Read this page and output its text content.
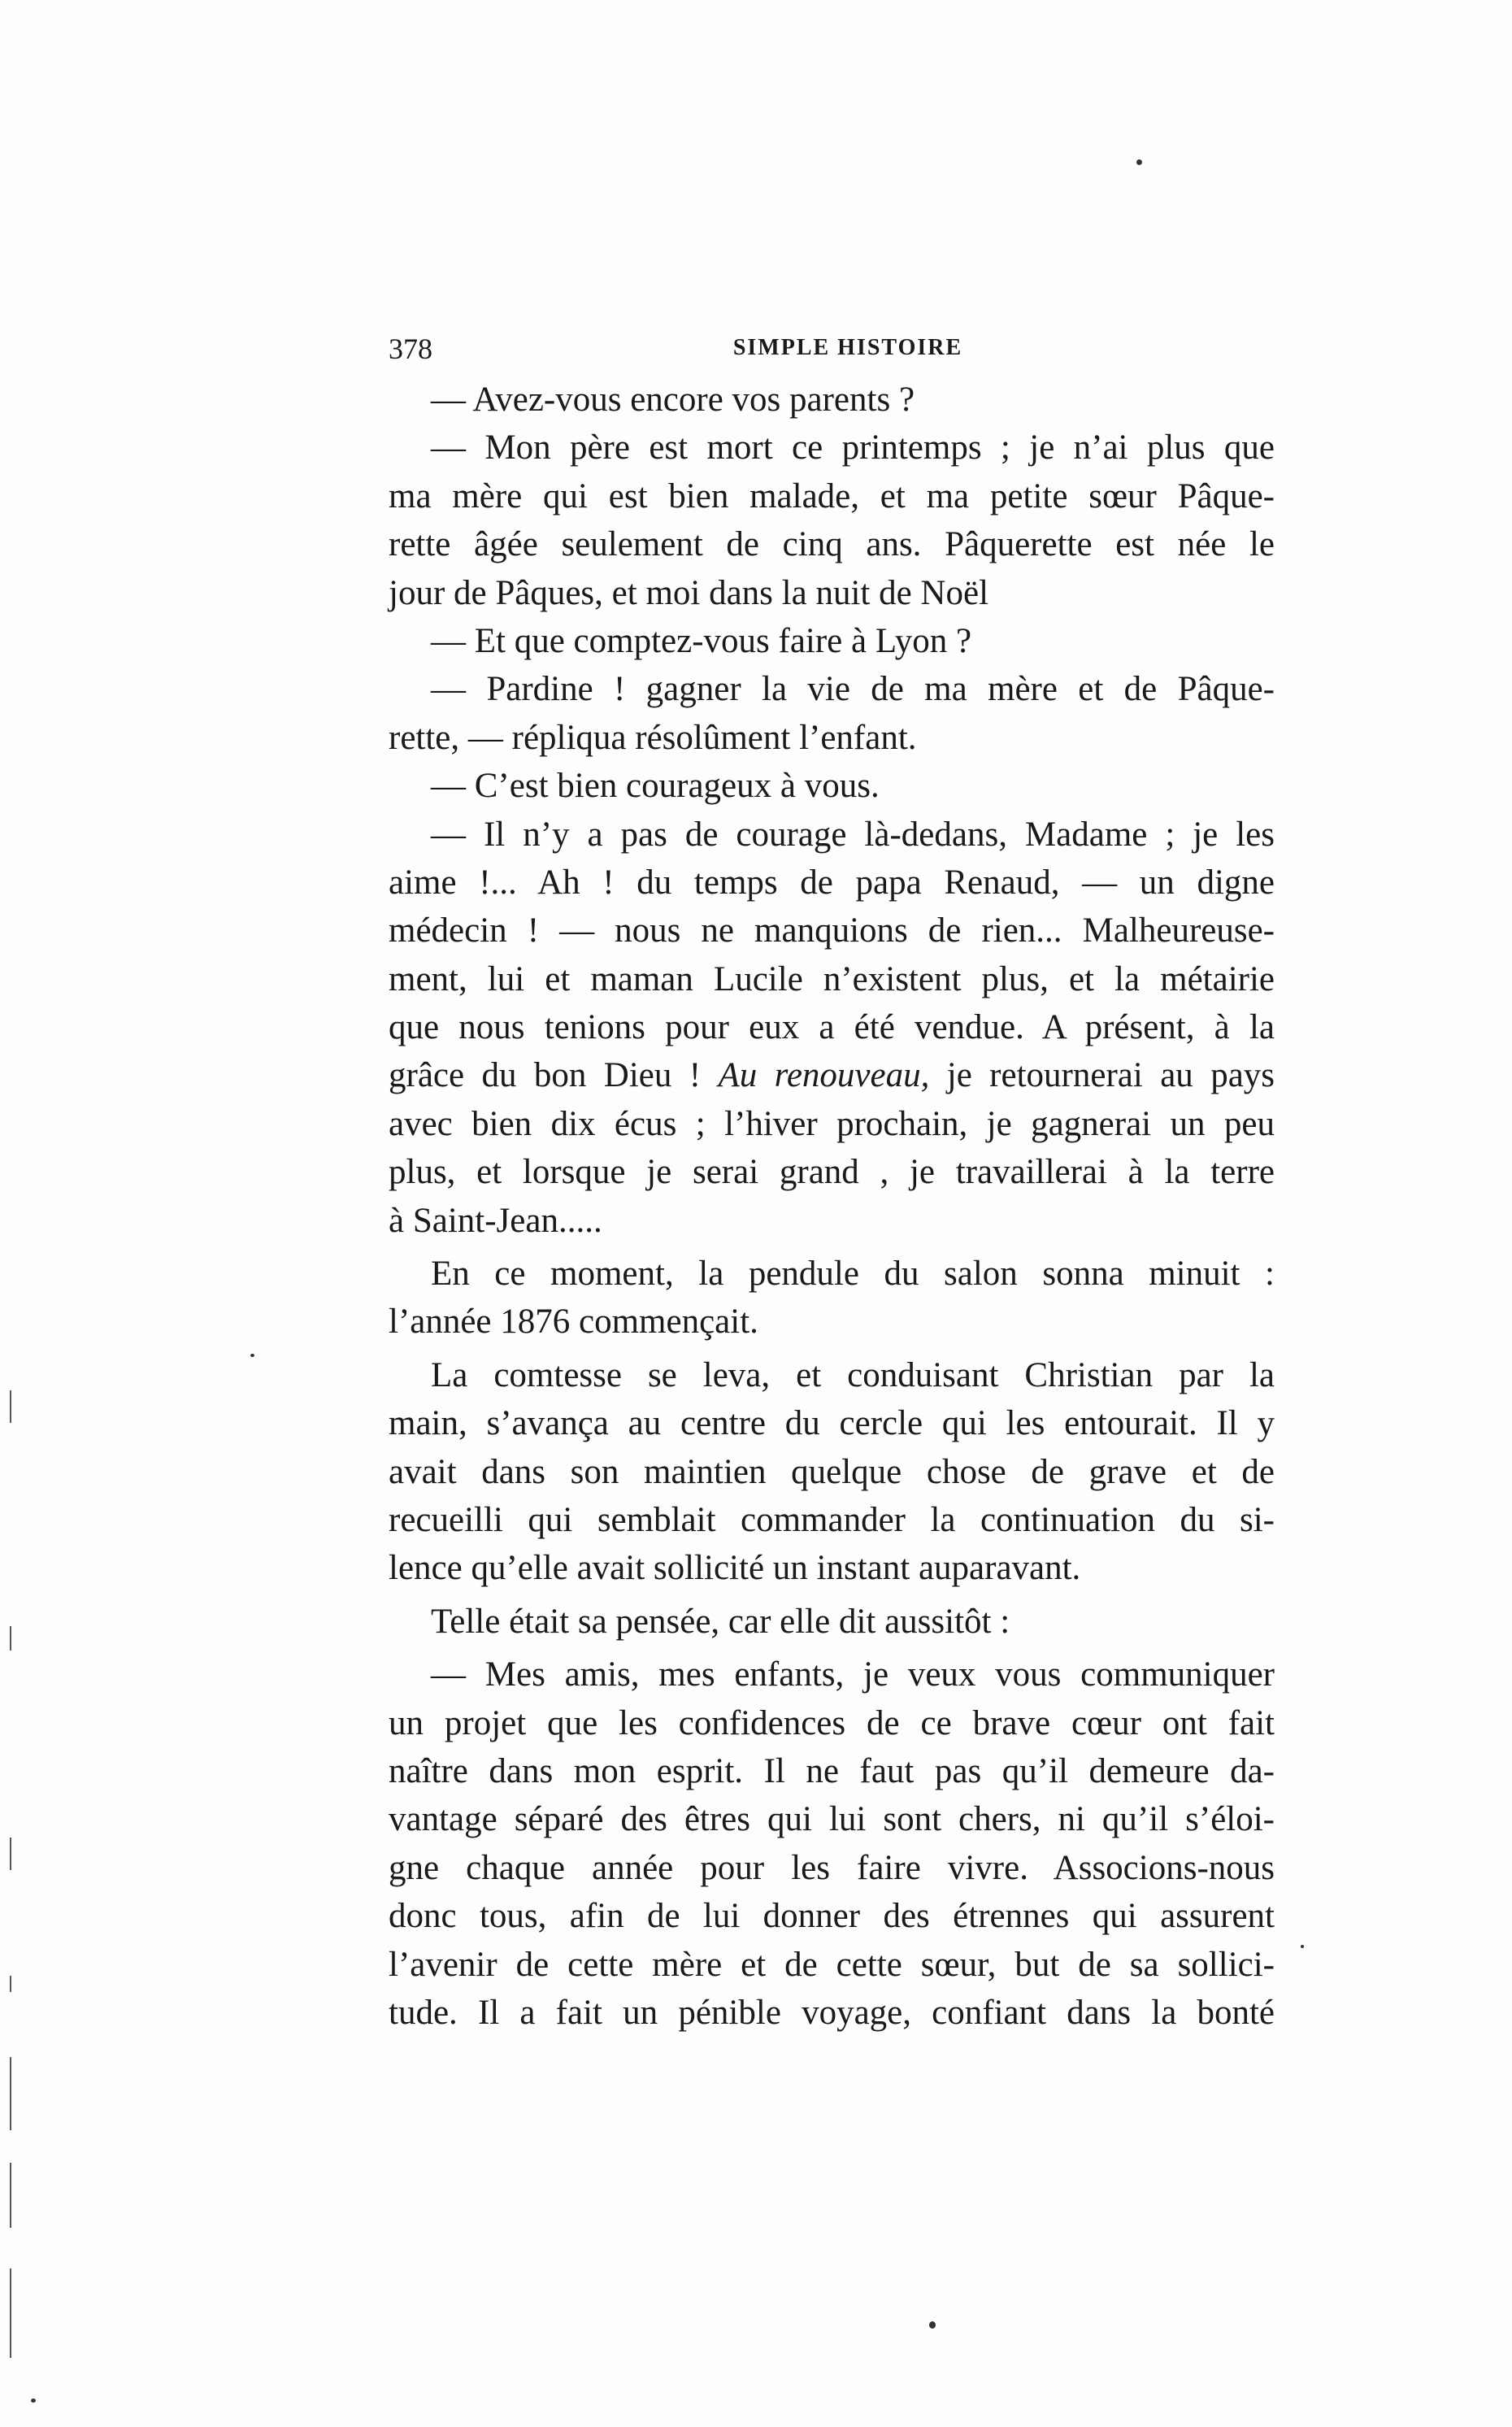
378	SIMPLE HISTOIRE
— Avez-vous encore vos parents ?
— Mon père est mort ce printemps ; je n’ai plus que
ma mère qui est bien malade, et ma petite sœur Pâque-
rette âgée seulement de cinq ans. Pâquerette est née le
jour de Pâques, et moi dans la nuit de Noël
— Et que comptez-vous faire à Lyon ?
— Pardine ! gagner la vie de ma mère et de Pâque-
rette, — répliqua résolûment l’enfant.
— C’est bien courageux à vous.
— Il n’y a pas de courage là-dedans, Madame ; je les
aime !... Ah ! du temps de papa Renaud, — un digne
médecin ! — nous ne manquions de rien... Malheureuse-
ment, lui et maman Lucile n’existent plus, et la métairie
que nous tenions pour eux a été vendue. A présent, à la
grâce du bon Dieu ! Au renouveau, je retournerai au pays
avec bien dix écus ; l’hiver prochain, je gagnerai un peu
plus, et lorsque je serai grand , je travaillerai à la terre
à Saint-Jean.....
En ce moment, la pendule du salon sonna minuit :
l’année 1876 commençait.
La comtesse se leva, et conduisant Christian par la
main, s’avança au centre du cercle qui les entourait. Il y
avait dans son maintien quelque chose de grave et de
recueilli qui semblait commander la continuation du si-
lence qu’elle avait sollicité un instant auparavant.
Telle était sa pensée, car elle dit aussitôt :
— Mes amis, mes enfants, je veux vous communiquer
un projet que les confidences de ce brave cœur ont fait
naître dans mon esprit. Il ne faut pas qu’il demeure da-
vantage séparé des êtres qui lui sont chers, ni qu’il s’éloi-
gne chaque année pour les faire vivre. Associons-nous
donc tous, afin de lui donner des étrennes qui assurent
l’avenir de cette mère et de cette sœur, but de sa sollici-
tude. Il a fait un pénible voyage, confiant dans la bonté
